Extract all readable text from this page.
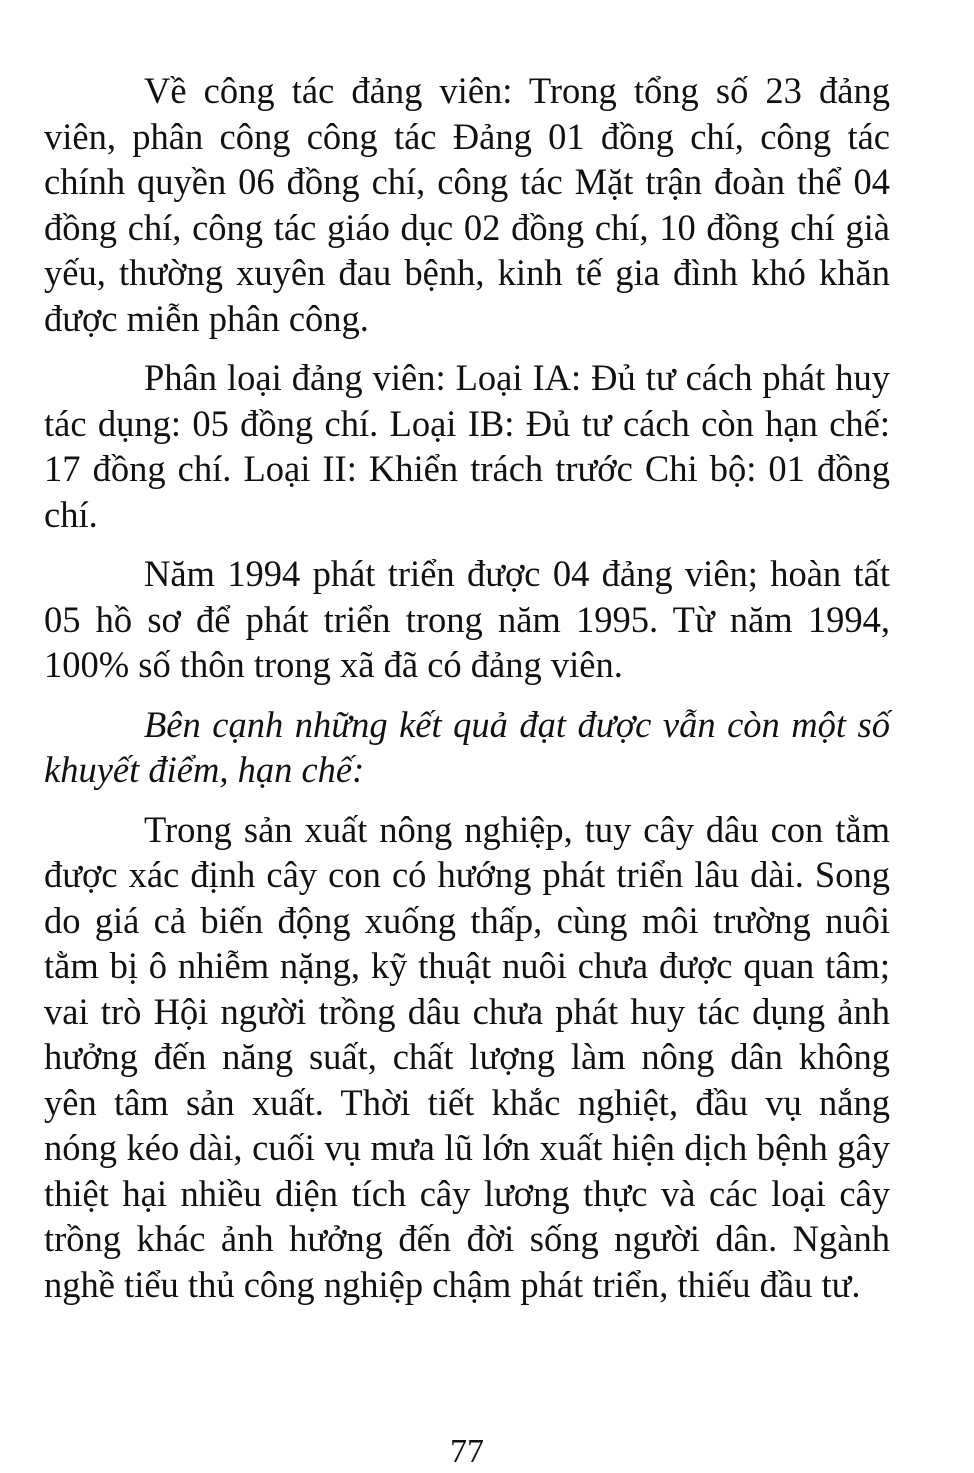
Về công tác đảng viên: Trong tổng số 23 đảng viên, phân công công tác Đảng 01 đồng chí, công tác chính quyền 06 đồng chí, công tác Mặt trận đoàn thể 04 đồng chí, công tác giáo dục 02 đồng chí, 10 đồng chí già yếu, thường xuyên đau bệnh, kinh tế gia đình khó khăn được miễn phân công.

Phân loại đảng viên: Loại IA: Đủ tư cách phát huy tác dụng: 05 đồng chí. Loại IB: Đủ tư cách còn hạn chế: 17 đồng chí. Loại II: Khiển trách trước Chi bộ: 01 đồng chí.

Năm 1994 phát triển được 04 đảng viên; hoàn tất 05 hồ sơ để phát triển trong năm 1995. Từ năm 1994, 100% số thôn trong xã đã có đảng viên.

Bên cạnh những kết quả đạt được vẫn còn một số khuyết điểm, hạn chế:

Trong sản xuất nông nghiệp, tuy cây dâu con tằm được xác định cây con có hướng phát triển lâu dài. Song do giá cả biến động xuống thấp, cùng môi trường nuôi tằm bị ô nhiễm nặng, kỹ thuật nuôi chưa được quan tâm; vai trò Hội người trồng dâu chưa phát huy tác dụng ảnh hưởng đến năng suất, chất lượng làm nông dân không yên tâm sản xuất. Thời tiết khắc nghiệt, đầu vụ nắng nóng kéo dài, cuối vụ mưa lũ lớn xuất hiện dịch bệnh gây thiệt hại nhiều diện tích cây lương thực và các loại cây trồng khác ảnh hưởng đến đời sống người dân. Ngành nghề tiểu thủ công nghiệp chậm phát triển, thiếu đầu tư.

77
